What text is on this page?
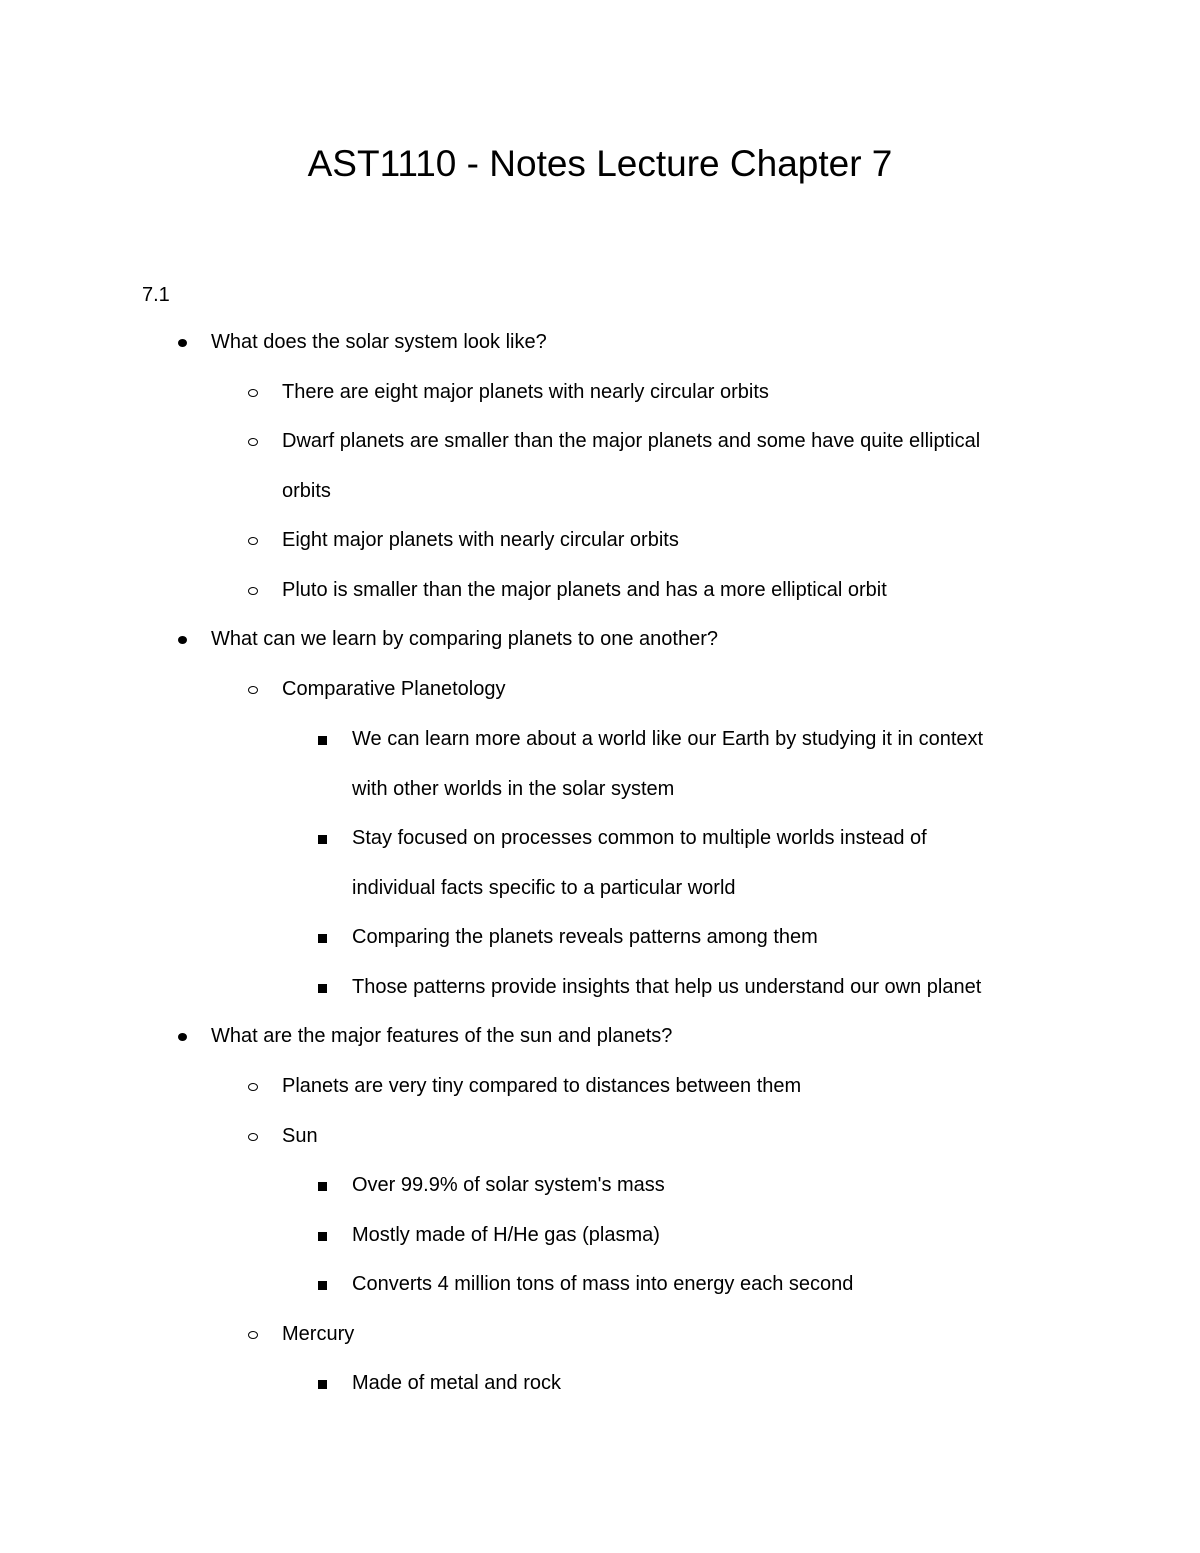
AST1110 - Notes Lecture Chapter 7
7.1
What does the solar system look like?
There are eight major planets with nearly circular orbits
Dwarf planets are smaller than the major planets and some have quite elliptical
orbits
Eight major planets with nearly circular orbits
Pluto is smaller than the major planets and has a more elliptical orbit
What can we learn by comparing planets to one another?
Comparative Planetology
We can learn more about a world like our Earth by studying it in context
with other worlds in the solar system
Stay focused on processes common to multiple worlds instead of
individual facts specific to a particular world
Comparing the planets reveals patterns among them
Those patterns provide insights that help us understand our own planet
What are the major features of the sun and planets?
Planets are very tiny compared to distances between them
Sun
Over 99.9% of solar system's mass
Mostly made of H/He gas (plasma)
Converts 4 million tons of mass into energy each second
Mercury
Made of metal and rock
